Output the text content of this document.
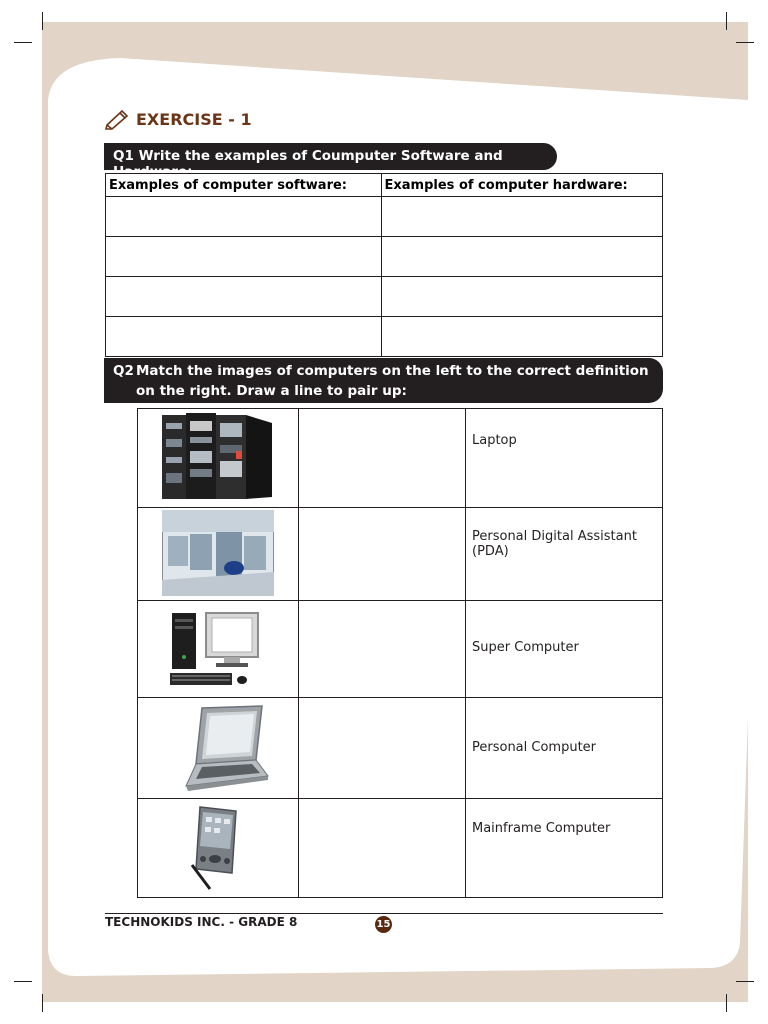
EXERCISE - 1
Q1 Write the examples of Coumputer Software and Hardware:
Examples of computer software:	Examples of computer hardware:

Q2 Match the images of computers on the left to the correct definition on the right. Draw a line to pair up:

Laptop

Personal Digital Assistant (PDA)

Super Computer

Personal Computer

Mainframe Computer
TECHNOKIDS INC. - GRADE 8	15
